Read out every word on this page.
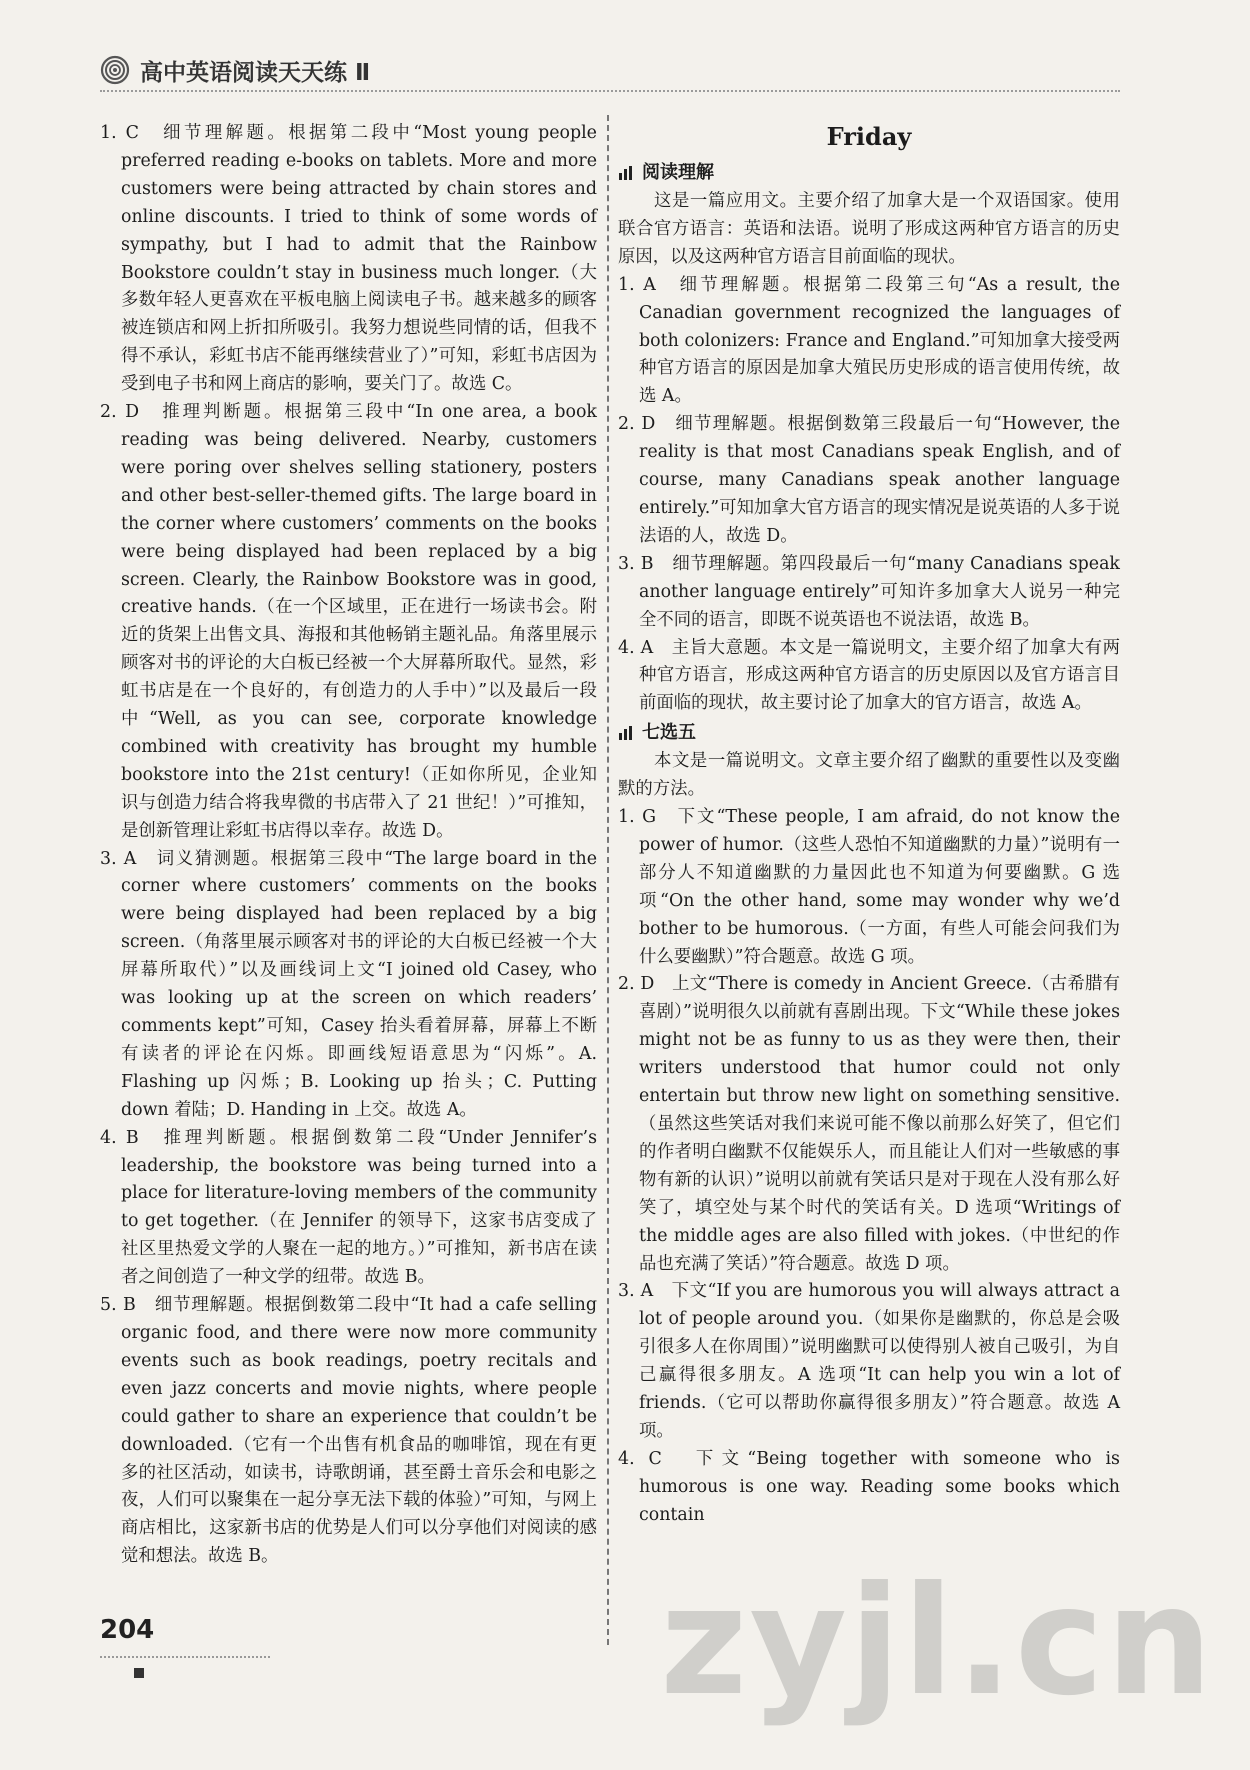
高中英语阅读天天练 Ⅱ

1. C　 细节理解题。根据第二段中“Most young people preferred reading e-books on tablets. More and more customers were being attracted by chain stores and online discounts. I tried to think of some words of sympathy, but I had to admit that the Rainbow Bookstore couldn’t stay in business much longer.（大多数年轻人更喜欢在平板电脑上阅读电子书。越来越多的顾客被连锁店和网上折扣所吸引。我努力想说些同情的话，但我不得不承认，彩虹书店不能再继续营业了）”可知，彩虹书店因为受到电子书和网上商店的影响，要关门了。故选 C。

2. D　 推理判断题。根据第三段中“In one area, a book reading was being delivered. Nearby, customers were poring over shelves selling stationery, posters and other best-seller-themed gifts. The large board in the corner where customers’ comments on the books were being displayed had been replaced by a big screen. Clearly, the Rainbow Bookstore was in good, creative hands.（在一个区域里，正在进行一场读书会。附近的货架上出售文具、海报和其他畅销主题礼品。角落里展示顾客对书的评论的大白板已经被一个大屏幕所取代。显然，彩虹书店是在一个良好的，有创造力的人手中）”以及最后一段中“Well, as you can see, corporate knowledge combined with creativity has brought my humble bookstore into the 21st century!（正如你所见，企业知识与创造力结合将我卑微的书店带入了 21 世纪！）”可推知，是创新管理让彩虹书店得以幸存。故选 D。

3. A　 词义猜测题。根据第三段中“The large board in the corner where customers’ comments on the books were being displayed had been replaced by a big screen.（角落里展示顾客对书的评论的大白板已经被一个大屏幕所取代）”以及画线词上文“I joined old Casey, who was looking up at the screen on which readers’ comments kept”可知，Casey 抬头看着屏幕，屏幕上不断有读者的评论在闪烁。即画线短语意思为“闪烁”。A. Flashing up 闪烁；B. Looking up 抬头；C. Putting down 着陆；D. Handing in 上交。故选 A。

4. B　 推理判断题。根据倒数第二段“Under Jennifer’s leadership, the bookstore was being turned into a place for literature-loving members of the community to get together.（在 Jennifer 的领导下，这家书店变成了社区里热爱文学的人聚在一起的地方。）”可推知，新书店在读者之间创造了一种文学的纽带。故选 B。

5. B　 细节理解题。根据倒数第二段中“It had a cafe selling organic food, and there were now more community events such as book readings, poetry recitals and even jazz concerts and movie nights, where people could gather to share an experience that couldn’t be downloaded.（它有一个出售有机食品的咖啡馆，现在有更多的社区活动，如读书，诗歌朗诵，甚至爵士音乐会和电影之夜，人们可以聚集在一起分享无法下载的体验）”可知，与网上商店相比，这家新书店的优势是人们可以分享他们对阅读的感觉和想法。故选 B。

Friday
阅读理解

这是一篇应用文。主要介绍了加拿大是一个双语国家。使用联合官方语言：英语和法语。说明了形成这两种官方语言的历史原因，以及这两种官方语言目前面临的现状。

1. A　 细节理解题。根据第二段第三句“As a result, the Canadian government recognized the languages of both colonizers: France and England.”可知加拿大接受两种官方语言的原因是加拿大殖民历史形成的语言使用传统，故选 A。

2. D　 细节理解题。根据倒数第三段最后一句“However, the reality is that most Canadians speak English, and of course, many Canadians speak another language entirely.”可知加拿大官方语言的现实情况是说英语的人多于说法语的人，故选 D。

3. B　 细节理解题。第四段最后一句“many Canadians speak another language entirely”可知许多加拿大人说另一种完全不同的语言，即既不说英语也不说法语，故选 B。

4. A　 主旨大意题。本文是一篇说明文，主要介绍了加拿大有两种官方语言，形成这两种官方语言的历史原因以及官方语言目前面临的现状，故主要讨论了加拿大的官方语言，故选 A。

七选五

本文是一篇说明文。文章主要介绍了幽默的重要性以及变幽默的方法。

1. G　 下文“These people, I am afraid, do not know the power of humor.（这些人恐怕不知道幽默的力量）”说明有一部分人不知道幽默的力量因此也不知道为何要幽默。G 选项“On the other hand, some may wonder why we’d bother to be humorous.（一方面，有些人可能会问我们为什么要幽默）”符合题意。故选 G 项。

2. D　 上文“There is comedy in Ancient Greece.（古希腊有喜剧）”说明很久以前就有喜剧出现。下文“While these jokes might not be as funny to us as they were then, their writers understood that humor could not only entertain but throw new light on something sensitive.（虽然这些笑话对我们来说可能不像以前那么好笑了，但它们的作者明白幽默不仅能娱乐人，而且能让人们对一些敏感的事物有新的认识）”说明以前就有笑话只是对于现在人没有那么好笑了，填空处与某个时代的笑话有关。D 选项“Writings of the middle ages are also filled with jokes.（中世纪的作品也充满了笑话）”符合题意。故选 D 项。

3. A　 下文“If you are humorous you will always attract a lot of people around you.（如果你是幽默的，你总是会吸引很多人在你周围）”说明幽默可以使得别人被自己吸引，为自己赢得很多朋友。A 选项“It can help you win a lot of friends.（它可以帮助你赢得很多朋友）”符合题意。故选 A 项。

4. C　 下文“Being together with someone who is humorous is one way. Reading some books which contain

204	zyjl.cn
